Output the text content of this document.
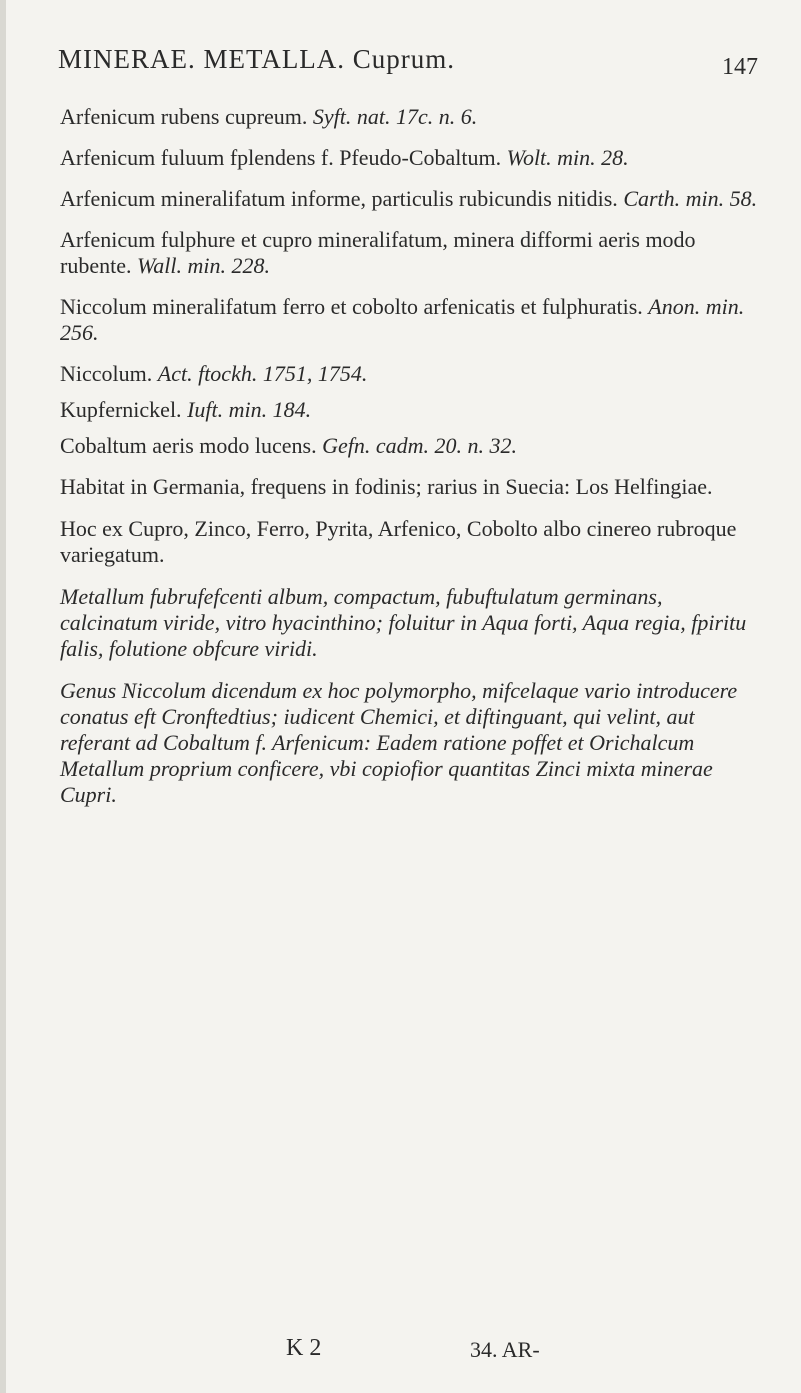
MINERAE. METALLA. Cuprum.	147

Arfenicum rubens cupreum. Syft. nat. 17c. n. 6.

Arfenicum fuluum fplendens f. Pfeudo-Cobaltum. Wolt. min. 28.

Arfenicum mineralifatum informe, particulis rubicundis nitidis. Carth. min. 58.

Arfenicum fulphure et cupro mineralifatum, minera difformi aeris modo rubente. Wall. min. 228.

Niccolum mineralifatum ferro et cobolto arfenicatis et fulphuratis. Anon. min. 256.

Niccolum. Act. ftockh. 1751, 1754.

Kupfernickel. Iuft. min. 184.

Cobaltum aeris modo lucens. Gefn. cadm. 20. n. 32.

Habitat in Germania, frequens in fodinis; rarius in Suecia: Los Helfingiae.

Hoc ex Cupro, Zinco, Ferro, Pyrita, Arfenico, Cobolto albo cinereo rubroque variegatum.

Metallum fubrufefcenti album, compactum, fubuftulatum germinans, calcinatum viride, vitro hyacinthino; foluitur in Aqua forti, Aqua regia, fpiritu falis, folutione obfcure viridi.

Genus Niccolum dicendum ex hoc polymorpho, mifcelaque vario introducere conatus eft Cronftedtius; iudicent Chemici, et diftinguant, qui velint, aut referant ad Cobaltum f. Arfenicum: Eadem ratione poffet et Orichalcum Metallum proprium conficere, vbi copiofior quantitas Zinci mixta minerae Cupri.

K 2	34. AR-
